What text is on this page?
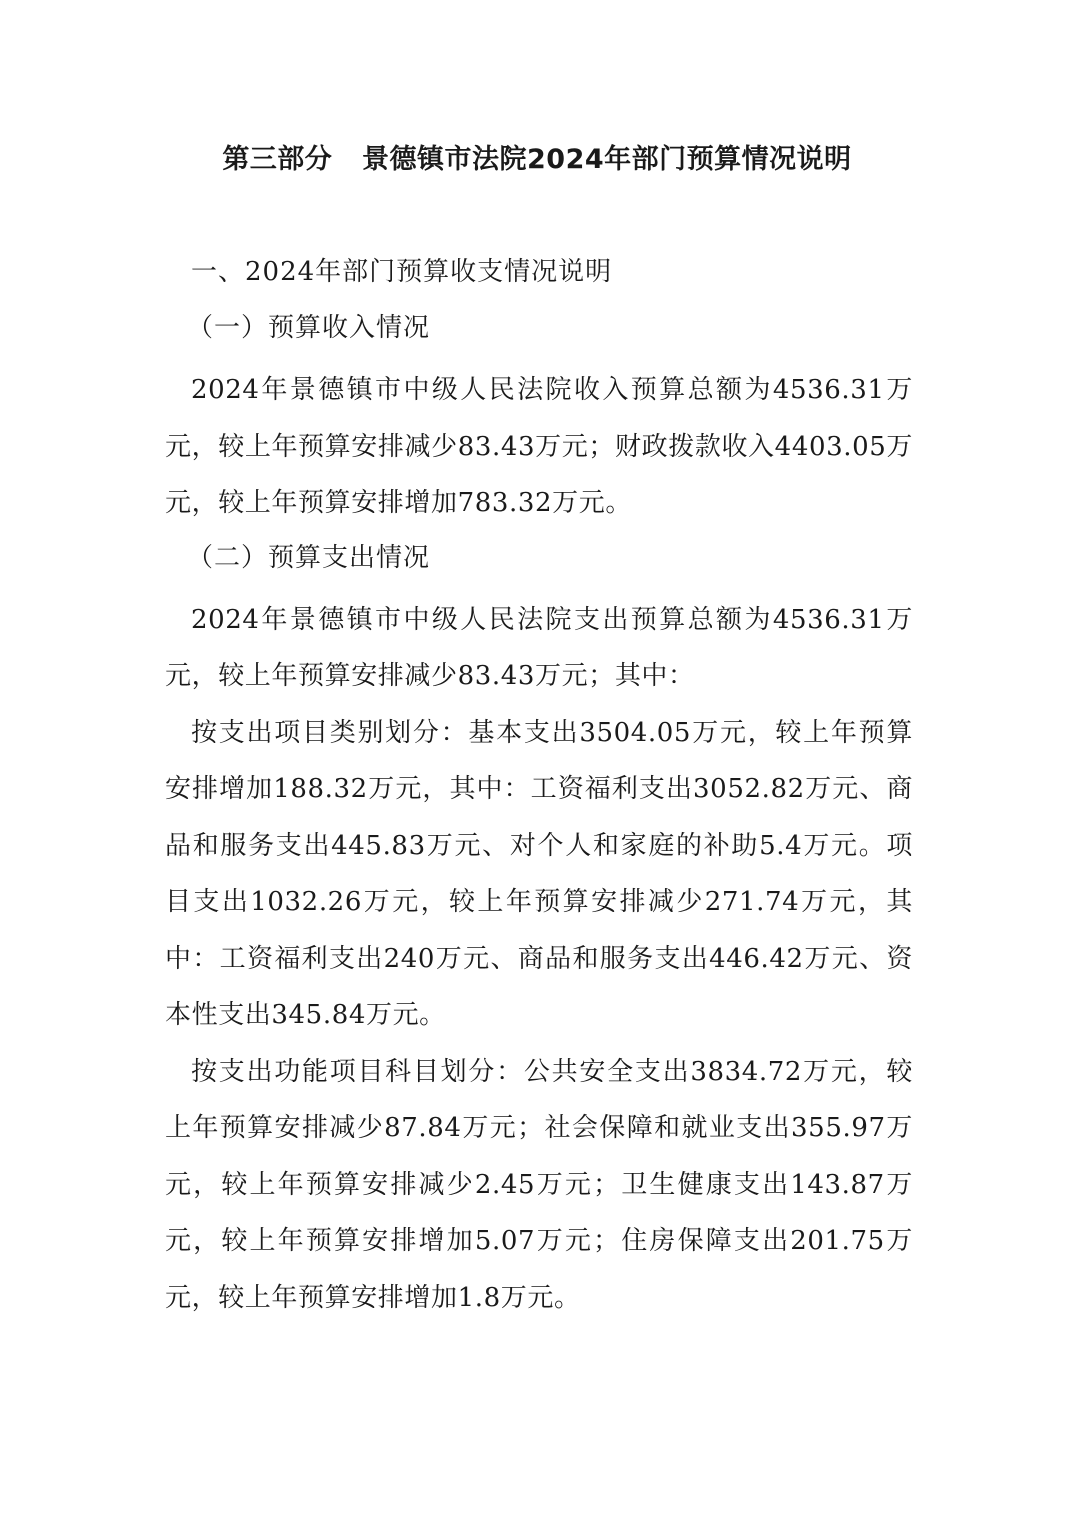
第三部分   景德镇市法院2024年部门预算情况说明
一、2024年部门预算收支情况说明
（一）预算收入情况

2024年景德镇市中级人民法院收入预算总额为4536.31万元，较上年预算安排减少83.43万元；财政拨款收入4403.05万元，较上年预算安排增加783.32万元。

（二）预算支出情况

2024年景德镇市中级人民法院支出预算总额为4536.31万元，较上年预算安排减少83.43万元；其中：

按支出项目类别划分：基本支出3504.05万元，较上年预算安排增加188.32万元，其中：工资福利支出3052.82万元、商品和服务支出445.83万元、对个人和家庭的补助5.4万元。项目支出1032.26万元，较上年预算安排减少271.74万元，其中：工资福利支出240万元、商品和服务支出446.42万元、资本性支出345.84万元。

按支出功能项目科目划分：公共安全支出3834.72万元，较上年预算安排减少87.84万元；社会保障和就业支出355.97万元，较上年预算安排减少2.45万元；卫生健康支出143.87万元，较上年预算安排增加5.07万元；住房保障支出201.75万元，较上年预算安排增加1.8万元。
